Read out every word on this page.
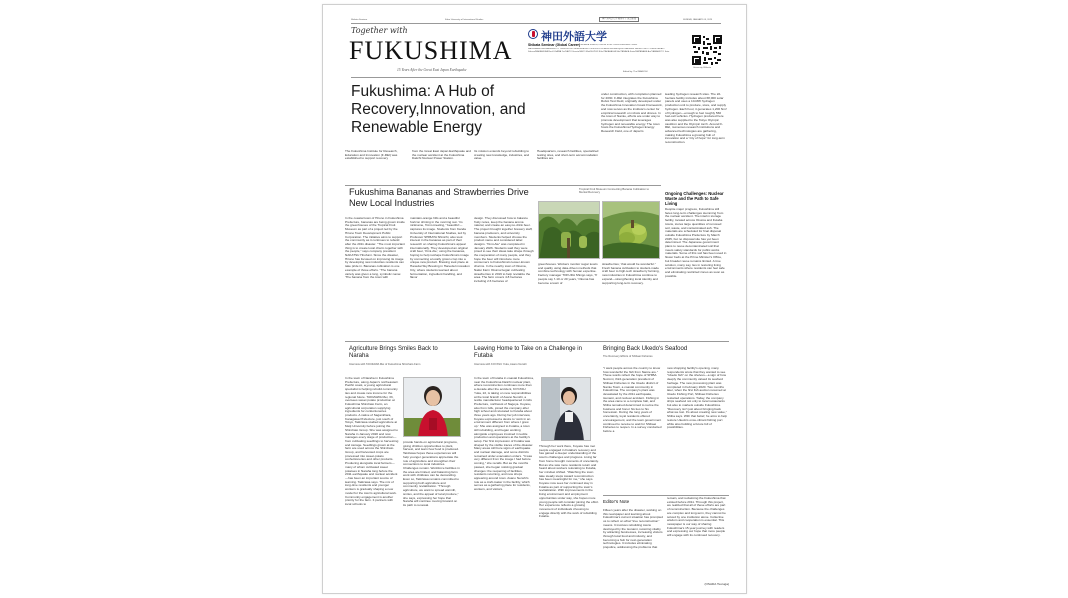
Shibata Seminar	Kobe University of International Studies	神戸外国語大学 柴田ゼミ 英語新聞	SUNDAY, JANUARY 05, 2025
Together with
FUKUSHIMA
15 Years After the Great East Japan Earthquake
神田外語大学
Shibata Seminar (Global Career)
Prof. SHIBATA Shinichi, Director of the Career Education Center
HAGIWARA Kaito/HASHIMOTO Yuka/IGUCHI Sora/KATAGIRI Yuna/KIKUCHI Ami/KIMURA Ryo/KOBAYASHI Hana/KONDO Yuto/MIYAZAKI Sakura/NAKAMURA Ren/OGAWA Yui/SAITO Haruto/SATO Mio/SUZUKI Riku/TAKAHASHI Mei/TANAKA Kaito/WATANABE Aoi/YAMAMOTO Sota
Edited by: The IMANICHI
University Website
Fukushima: A Hub of Recovery,Innovation, and Renewable Energy
The Fukushima Institute for Research, Education and Innovation (F-REI) was established to support recovery
from the Great East Japan Earthquake and the nuclear accident at the Fukushima Daiichi Nuclear Power Station.
Its mission extends beyond rebuilding to creating new knowledge, industries, and value.
Headquarters, research facilities, specialized testing sites, and short-term accommodation facilities are
under construction, with completion planned for 2030. F-REI integrates the Fukushima Robot Test Field, originally developed under the Fukushima Innovation Coast Framework, and now serves as the institute's center for empirical research on robots and drones. In the town of Namie, efforts are under way to promote development that leverages hydrogen and renewable energy. The town hosts the Fukushima Hydrogen Energy Research Field, one of Japan's
leading hydrogen research sites. The 22-hectare facility includes about 68,000 solar panels and uses a 10-MW hydrogen production unit to produce, store, and supply hydrogen. Each hour, it generates 1,200 Nm³ of hydrogen—enough to fuel roughly 560 fuel-cell vehicles. Hydrogen produced here was also supplied to the Tokyo Olympic cauldron and the Olympic torch. Around F-REI, numerous research institutions and advanced technologies are gathering, making Fukushima a growing hub of innovation and a "city of hope" for long-term reconstruction.
Ongoing Challenges: Nuclear Waste and the Path to Safe Living
Despite major progress, Fukushima still faces long-term challenges stemming from the nuclear accident. The interim storage facility, located across Okuma and Futaba towns, stores large quantities of removed soil, waste, and contaminated ash. The materials are scheduled for final disposal outside Fukushima Prefecture by March 2045, but no disposal site has yet been determined. The Japanese government plans to reuse decontaminated soil that meets safety standards for public works materials. Some of this soil has been used in flower beds at the Prime Minister's Office, but broader reuse remains limited. A true solution, many say, lies in restoring living environments where residents can feel safe and eliminating restricted zones as soon as possible.
Fukushima Bananas and Strawberries Drive New Local Industries
Tropical Fruit Museum Connecting Banana Cultivation to Mental Recovery
In the coastal town of Hirono in Fukushima Prefecture, bananas are being grown inside the greenhouses of the Tropical Fruit Museum as part of a project led by the Hirono Town Development Public Corporation. The initiative aims to support the community as it continues to rebuild after the 2011 disaster. "The most important thing is to create local charm together with the people," says company president NAKATSU Hirofumi. Since the disaster, Hirono has focused on improving its image by developing new industries residents can take pride in. Bananas cultivation is one example of those efforts. "The banana variety was given a long, symbolic name: 'The banana from the town with
maintain-orange hills and a beautiful horizon shining in the morning sun.' Its nickname, 'Kimi-mieeling,' 'beautiful'—captures its image. Students from Kanda University of International Studies, led by Professor SHIBATA Shinichi, also took interest in the bananas as part of their research on sharing Fukushima's appeal internationally. They developed an original craft beer, 'Kimi-Ale,' using the bananas, hoping to help reshape Fukushima's image by connecting a locally grown crop into a unique new product. Brewing took place at Hanedai Sky Brewing in Haneda Innovation City, where students learned about fermentation, ingredient handling, and flavor
design. They discussed how to balance fruity notes, keep the banana aroma natural, and create an easy-to-drink beer. The project brought together brewery staff, banana producers, and university members. Students helped choose the product name and considered label designs. "Kimi-Ale" was completed in January 2026. Students said they were proud to see their ideas take shape through the cooperation of many people, and they hope the beer will introduce more consumers to Fukushima's lesser-known charms. In the nearby town of Okuma, Nakui Farm Okuma began cultivating strawberries in 2019 to help revitalize the area. The farm covers 4.8 hectares including 2.6 hectares of
greenhouses. Workers monitor sugar levels and quality using data-driven methods that combine technology with human expertise. Factory manager TOKUDA Shingo says, "If people say 'I-10 or 20 years,' Okuma has become a town of
strawberries,' that would be wonderful." Fresh banana cultivation to student-made craft beer to high-tech strawberry farming, new industries in Fukushima continue to expand—strengthening local identity and supporting long-term recovery.
Agriculture Brings Smiles Back to Naraha
Interview with TAKIZAWA Mei of Fukushima Shirohato Farm
In the town of Naraha in Fukushima Prefecture, along Japan's northeastern Pacific coast, a young agricultural specialist is helping rebuild community ties and create new income for the regional future. TAKIZAWA Mei, 33, oversees sweet potato production at Fukushima Shirohato Farm, an agricultural corporation supplying ingredients for confectioneries products. A native of Sagamihara, Kanagawa Prefecture, just south of Tokyo, Takizawa studied agriculture at Meiji University before joining the Shirohato Group. She was assigned to Naraha in January 2020 and now manages every stage of production—from cultivating seedlings to harvesting and storage. Seedlings grown at the farm are used across the Shirohato Group, and harvested crops are processed into sweet-potato confectioneries and other products. Producing alongside local farmers—many of whom cultivated sweet potatoes in Naraha long before the 2011 earthquake and nuclear accident—has been an important source of learning. Takizawa says. The mix of long-time residents and younger workers is gradually shaping a new model for the town's agricultural work. Community engagement is another priority for the farm. It partners with local schools to
provide hands-on agricultural programs, giving children opportunities to plant, harvest, and learn how food is produced. Takizawa hopes these experiences will help younger generations appreciate the role of agriculture and strengthen their connections to local industries. Challenges remain. Workforce facilities in the area are limited, and balancing farm work with childcare can be demanding. Even so, Takizawa remains committed to supporting both agriculture and community revitalization. "Through agriculture, we want to spread warmth, smiles, and the appeal of local produce," she says, expressing her hope that Naraha will continue moving forward on its path to renewal.
Leaving Home to Take on a Challenge in Futaba
Interview with KOYASU Yuka, Asano Nenshi
In the town of Futaba in coastal Fukushima, near the Fukushima Daiichi nuclear plant, where reconstruction continues more than a decade after the accident, KOYASU Yuka, 22, is taking on new responsibilities at the local branch of Asano Nenshi, a textile manufacturer headquartered in Gifu Prefecture, northwest of Nagoya. Koyasu, also from Gifu, joined the company after high school and relocated to Futaba about three years ago. During her job interview, Koyasu expressed a desire to 'work in an environment different from where I grew up.' She was assigned to Futaba, a town still rebuilding, and began working alongside employees involved in textile production and operations at the facility's setup. Her first impression of Futaba was shaped by the visible traces of the disaster. Many areas still bore signs of earthquake and nuclear damage, and some districts remained under evacuation orders. "It was very different from the image I had before coming," she recalls. But as the months passed, she began noticing gradual changes: the reopening of facilities, residents returning, and new shops appearing around town. Asano Nenshi's role as a craft-maker in the facility, which serves as a gathering place for residents, workers, and visitors.
Through her work there, Koyasu has met people engaged in Futaba's recovery and has gained a deeper understanding of the town's challenges and progress. Living far from home brought moments of uncertainty. But as she saw more residents return and heard about workers relocating to Futaba, her mindset shifted. "Watching the town take steady steps toward reconstruction has been meaningful for me," she says. Koyasu now sees her continued stay in Futaba as part of supporting the town's revitalization. With improvements in the living environment and employment opportunities under way, she hopes more young people will consider joining the effort. Her experience reflects a growing movement of individuals choosing to engage directly with the work of rebuilding Futaba.
Bringing Back Ukedo's Seafood
The Recovery Efforts of Shibaei Fisheries
"I want people across the country to know how wonderful the fish from Namie are." These words reflect the hope of SHIBA Nozomi, third-generation president of Shibaei Fisheries in the Ukedo district of Namie Town, a coastal community in Fukushima. The company's plant was devastated by the 2011 earthquake, tsunami, and nuclear accident. Fishing in the area came to a complete halt, and Shiba remained determined to revive the business and honor his ties to his hometown. During the long years of uncertainty, loyal residents offered encouragement, and the town government continued to receive to wait for Shibaei Fisheries to reopen. In a survey conducted before a
new shopping facility's opening, many respondents wrote that they wanted to see "Ukedo fish" on the shelves—a sign of how deeply the community valued its seafood heritage. The new processing plant was completed in February 2020. Two months later, when the first fish auction resumed at Ukedo Fishing Port, Shibaei Fisheries restarted operations. Today, the company ships seafood not only to local restaurants but also to markets outside Fukushima. "Recovery isn't just about bringing back what we lost. It's about creating new value," Shiba says. With that belief, he aims to help restore Ukedo's once-vibrant fishing port while also building a future full of possibilities.
Editor's Note
Fifteen years after the disaster, working on this newspaper and learning about Fukushima's current situation has prompted us to reflect on what "true reconstruction" means. It involves rebuilding towns destroyed by the tsunami, restoring vitality by attracting businesses, increasing visitors through local food and industry, and becoming a hub for next-generation technologies. It includes eliminating prejudice, addressing the problems that
remain, and reclaiming the Fukushima that existed before 2011. Through this project, we realized that all of these efforts are part of reconstruction. Because the challenges are complex and long-term, they cannot be solved by one institution alone. Collective wisdom and cooperation is essential. This newspaper is our way of sharing Fukushima's 15-year journey with readers and expressing our hope that more people will engage with its continued recovery.
(OSADA Tsuruga)
